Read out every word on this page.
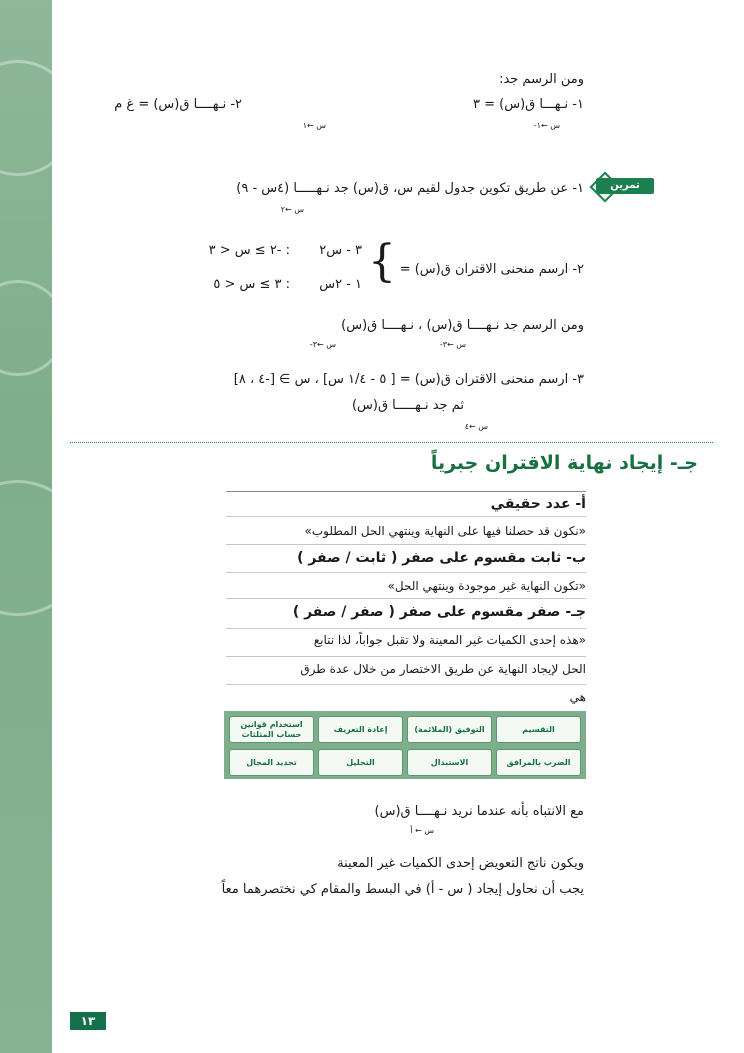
ومن الرسم جد:
١- نـهـــا ق(س) = ٣
س ←١-
٢- نـهــــا ق(س) = غ م
س ←١
تمرين
١- عن طريق تكوين جدول لقيم س، ق(س) جد نـهـــــا (٤س - ٩)
س ←٢
٢- ارسم منحنى الاقتران ق(س) =
{
٣ - س٢
: -٢ ≥ س < ٣
١ - ٢س
: ٣ ≥ س < ٥
ومن الرسم جد نـهــــا ق(س) ، نـهــــا ق(س)
س ←٣-
س ←٣-
٣- ارسم منحنى الاقتران ق(س) = [ ٥ - ١/٤ س] ، س ∋ [-٤ ، ٨]
ثم جد نـهـــــا ق(س)
س ←٤
جـ- إيجاد نهاية الاقتران جبرياً
أ- عدد حقيقي
«نكون قد حصلنا فيها على النهاية وينتهي الحل المطلوب»
ب- ثابت مقسوم على صفر ( ثابت / صفر )
«تكون النهاية غير موجودة وينتهي الحل»
جـ- صفر مقسوم على صفر ( صفر / صفر )
«هذه إحدى الكميات غير المعينة ولا تقبل جواباً، لذا نتابع
الحل لإيجاد النهاية عن طريق الاختصار من خلال عدة طرق
هي
التقسيم
التوفيق (الملائمة)
إعادة التعريف
استخدام قوانين حساب المثلثات
الضرب بالمرافق
الاستبدال
التحليل
تحديد المجال
مع الانتباه بأنه عندما نريد نـهــــا ق(س)
س ← أ
ويكون ناتج التعويض إحدى الكميات غير المعينة
يجب أن نحاول إيجاد ( س - أ) في البسط والمقام كي نختصرهما معاً
١٣
